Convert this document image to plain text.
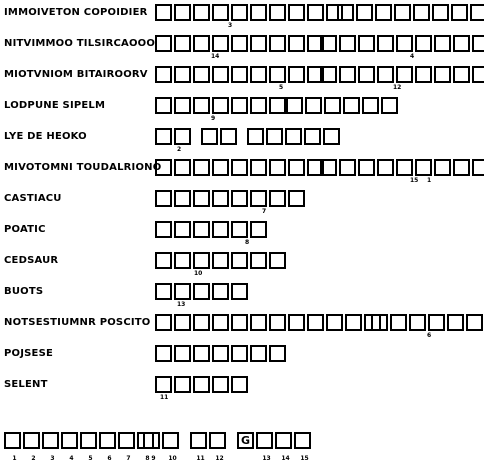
IMMOIVETON COPOIDIER
3
NITVIMMOO TILSIRCAOOO
14	4
MIOTVNIOM BITAIROORV
5	12
LODPUNE SIPELM
9
LYE DE HEOKO
2
MIVOTOMNI TOUDALRIONO
15 1
CASTIACU
7
POATIC
8
CEDSAUR
10
BUOTS
13
NOTSESTIUMNR POSCITO
6
POJSESE
SELENT
11
1	2	3	4	5	6	7	8 9	10	11	12
G
13	14	15
